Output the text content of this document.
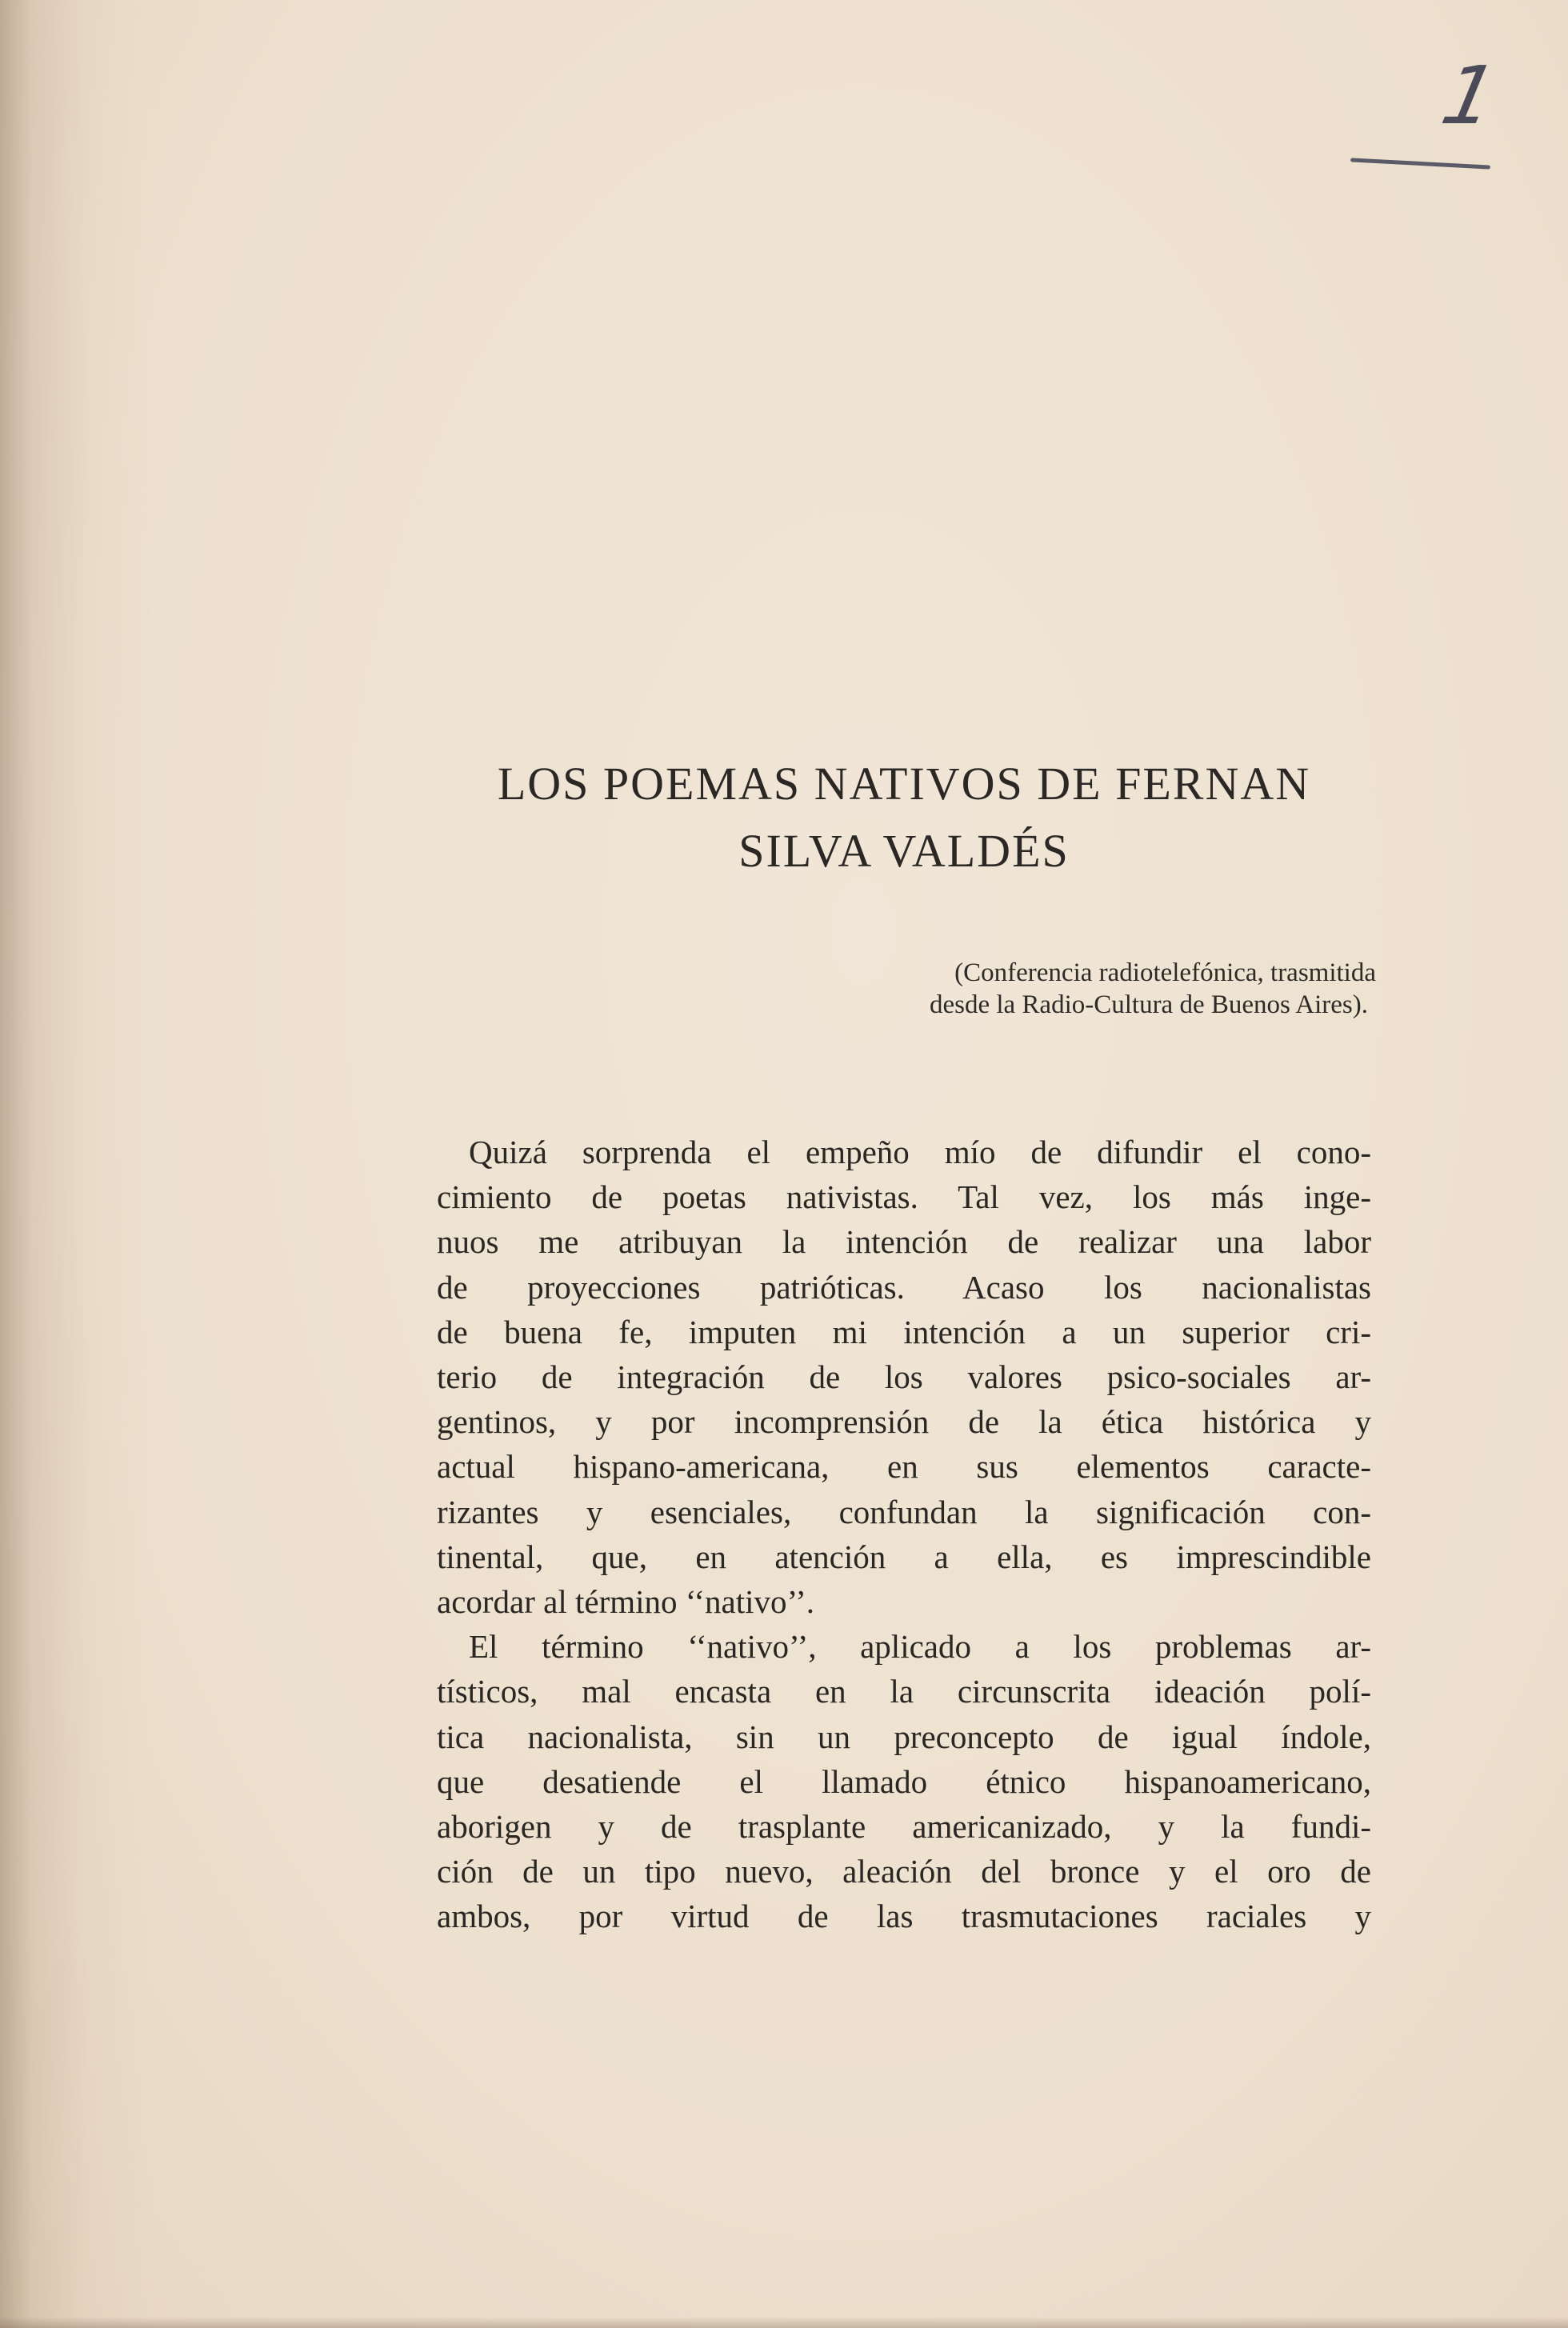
1
LOS POEMAS NATIVOS DE FERNAN
SILVA VALDÉS
(Conferencia radiotelefónica, trasmitida
desde la Radio-Cultura de Buenos Aires).
Quizá sorprenda el empeño mío de difundir el cono-
cimiento de poetas nativistas. Tal vez, los más inge-
nuos me atribuyan la intención de realizar una labor
de proyecciones patrióticas. Acaso los nacionalistas
de buena fe, imputen mi intención a un superior cri-
terio de integración de los valores psico-sociales ar-
gentinos, y por incomprensión de la ética histórica y
actual hispano-americana, en sus elementos caracte-
rizantes y esenciales, confundan la significación con-
tinental, que, en atención a ella, es imprescindible
acordar al término ‘‘nativo’’.
El término ‘‘nativo’’, aplicado a los problemas ar-
tísticos, mal encasta en la circunscrita ideación polí-
tica nacionalista, sin un preconcepto de igual índole,
que desatiende el llamado étnico hispanoamericano,
aborigen y de trasplante americanizado, y la fundi-
ción de un tipo nuevo, aleación del bronce y el oro de
ambos, por virtud de las trasmutaciones raciales y
